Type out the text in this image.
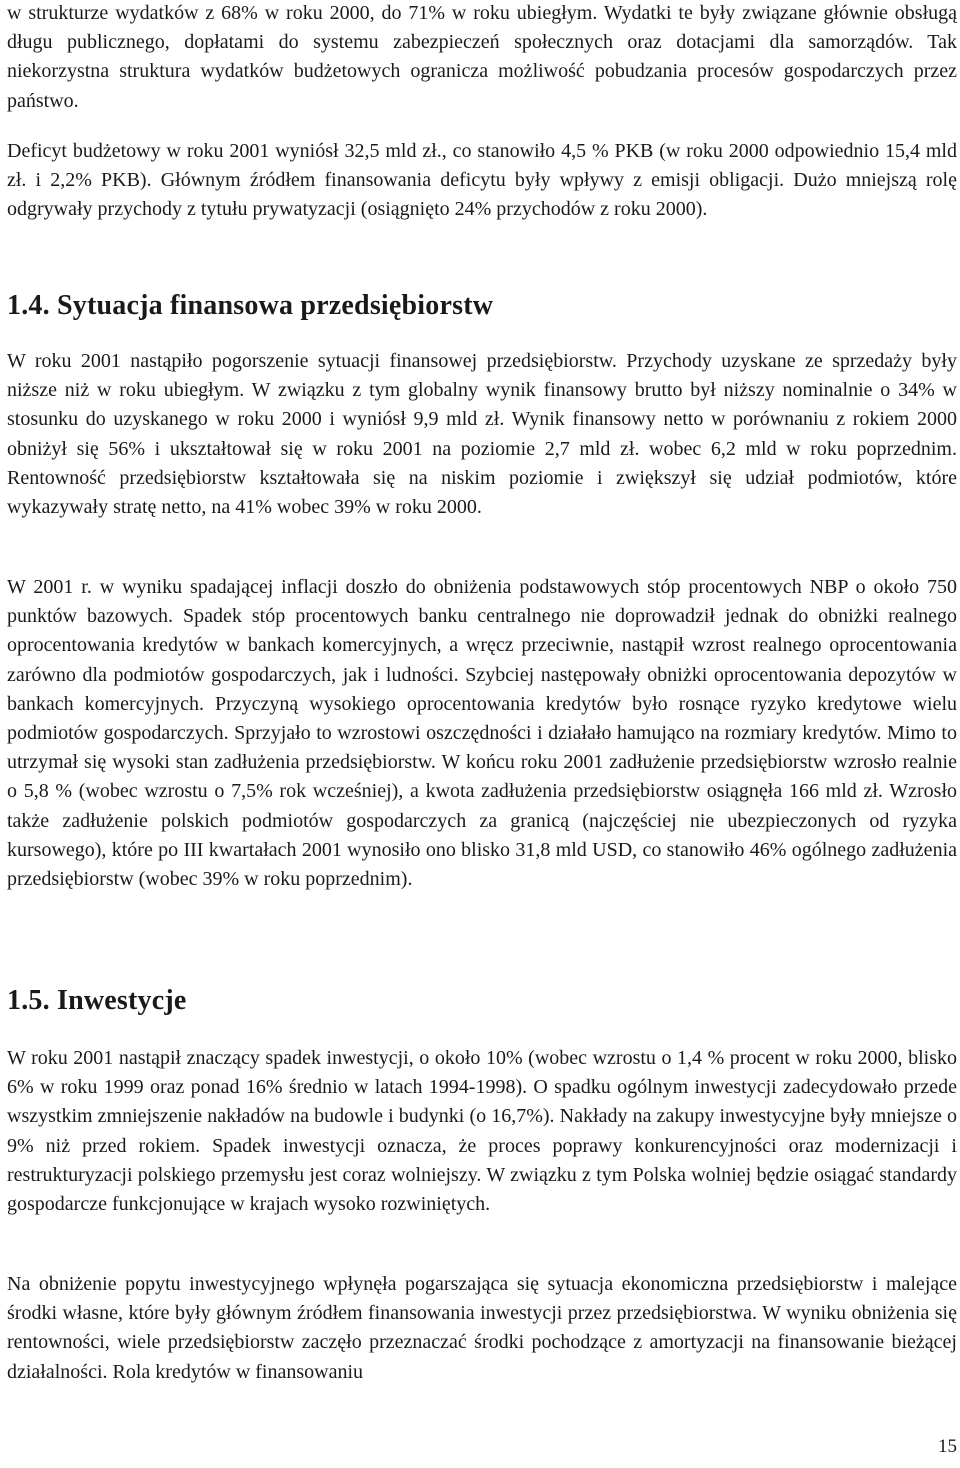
w strukturze wydatków z 68% w roku 2000, do 71% w roku ubiegłym. Wydatki te były związane głównie obsługą długu publicznego, dopłatami do systemu zabezpieczeń społecznych oraz dotacjami dla samorządów. Tak niekorzystna struktura wydatków budżetowych ogranicza możliwość pobudzania procesów gospodarczych przez państwo.

Deficyt budżetowy w roku 2001 wyniósł 32,5 mld zł., co stanowiło 4,5 % PKB (w roku 2000 odpowiednio 15,4 mld zł. i 2,2% PKB). Głównym źródłem finansowania deficytu były wpływy z emisji obligacji. Dużo mniejszą rolę odgrywały przychody z tytułu prywatyzacji (osiągnięto 24% przychodów z roku 2000).

1.4. Sytuacja finansowa przedsiębiorstw

W roku 2001 nastąpiło pogorszenie sytuacji finansowej przedsiębiorstw. Przychody uzyskane ze sprzedaży były niższe niż w roku ubiegłym. W związku z tym globalny wynik finansowy brutto był niższy nominalnie o 34% w stosunku do uzyskanego w roku 2000 i wyniósł 9,9 mld zł. Wynik finansowy netto w porównaniu z rokiem 2000 obniżył się 56% i ukształtował się w roku 2001 na poziomie 2,7 mld zł. wobec 6,2 mld w roku poprzednim. Rentowność przedsiębiorstw kształtowała się na niskim poziomie i zwiększył się udział podmiotów, które wykazywały stratę netto, na 41% wobec 39% w roku 2000.

W 2001 r. w wyniku spadającej inflacji doszło do obniżenia podstawowych stóp procentowych NBP o około 750 punktów bazowych. Spadek stóp procentowych banku centralnego nie doprowadził jednak do obniżki realnego oprocentowania kredytów w bankach komercyjnych, a wręcz przeciwnie, nastąpił wzrost realnego oprocentowania zarówno dla podmiotów gospodarczych, jak i ludności. Szybciej następowały obniżki oprocentowania depozytów w bankach komercyjnych. Przyczyną wysokiego oprocentowania kredytów było rosnące ryzyko kredytowe wielu podmiotów gospodarczych. Sprzyjało to wzrostowi oszczędności i działało hamująco na rozmiary kredytów. Mimo to utrzymał się wysoki stan zadłużenia przedsiębiorstw. W końcu roku 2001 zadłużenie przedsiębiorstw wzrosło realnie o 5,8 % (wobec wzrostu o 7,5% rok wcześniej), a kwota zadłużenia przedsiębiorstw osiągnęła 166 mld zł. Wzrosło także zadłużenie polskich podmiotów gospodarczych za granicą (najczęściej nie ubezpieczonych od ryzyka kursowego), które po III kwartałach 2001 wynosiło ono blisko 31,8 mld USD, co stanowiło 46% ogólnego zadłużenia przedsiębiorstw (wobec 39% w roku poprzednim).

1.5. Inwestycje

W roku 2001 nastąpił znaczący spadek inwestycji, o około 10% (wobec wzrostu o 1,4 % procent w roku 2000, blisko 6% w roku 1999 oraz ponad 16% średnio w latach 1994-1998). O spadku ogólnym inwestycji zadecydowało przede wszystkim zmniejszenie nakładów na budowle i budynki (o 16,7%). Nakłady na zakupy inwestycyjne były mniejsze o 9% niż przed rokiem. Spadek inwestycji oznacza, że proces poprawy konkurencyjności oraz modernizacji i restrukturyzacji polskiego przemysłu jest coraz wolniejszy. W związku z tym Polska wolniej będzie osiągać standardy gospodarcze funkcjonujące w krajach wysoko rozwiniętych.

Na obniżenie popytu inwestycyjnego wpłynęła pogarszająca się sytuacja ekonomiczna przedsiębiorstw i malejące środki własne, które były głównym źródłem finansowania inwestycji przez przedsiębiorstwa. W wyniku obniżenia się rentowności, wiele przedsiębiorstw zaczęło przeznaczać środki pochodzące z amortyzacji na finansowanie bieżącej działalności. Rola kredytów w finansowaniu

15
